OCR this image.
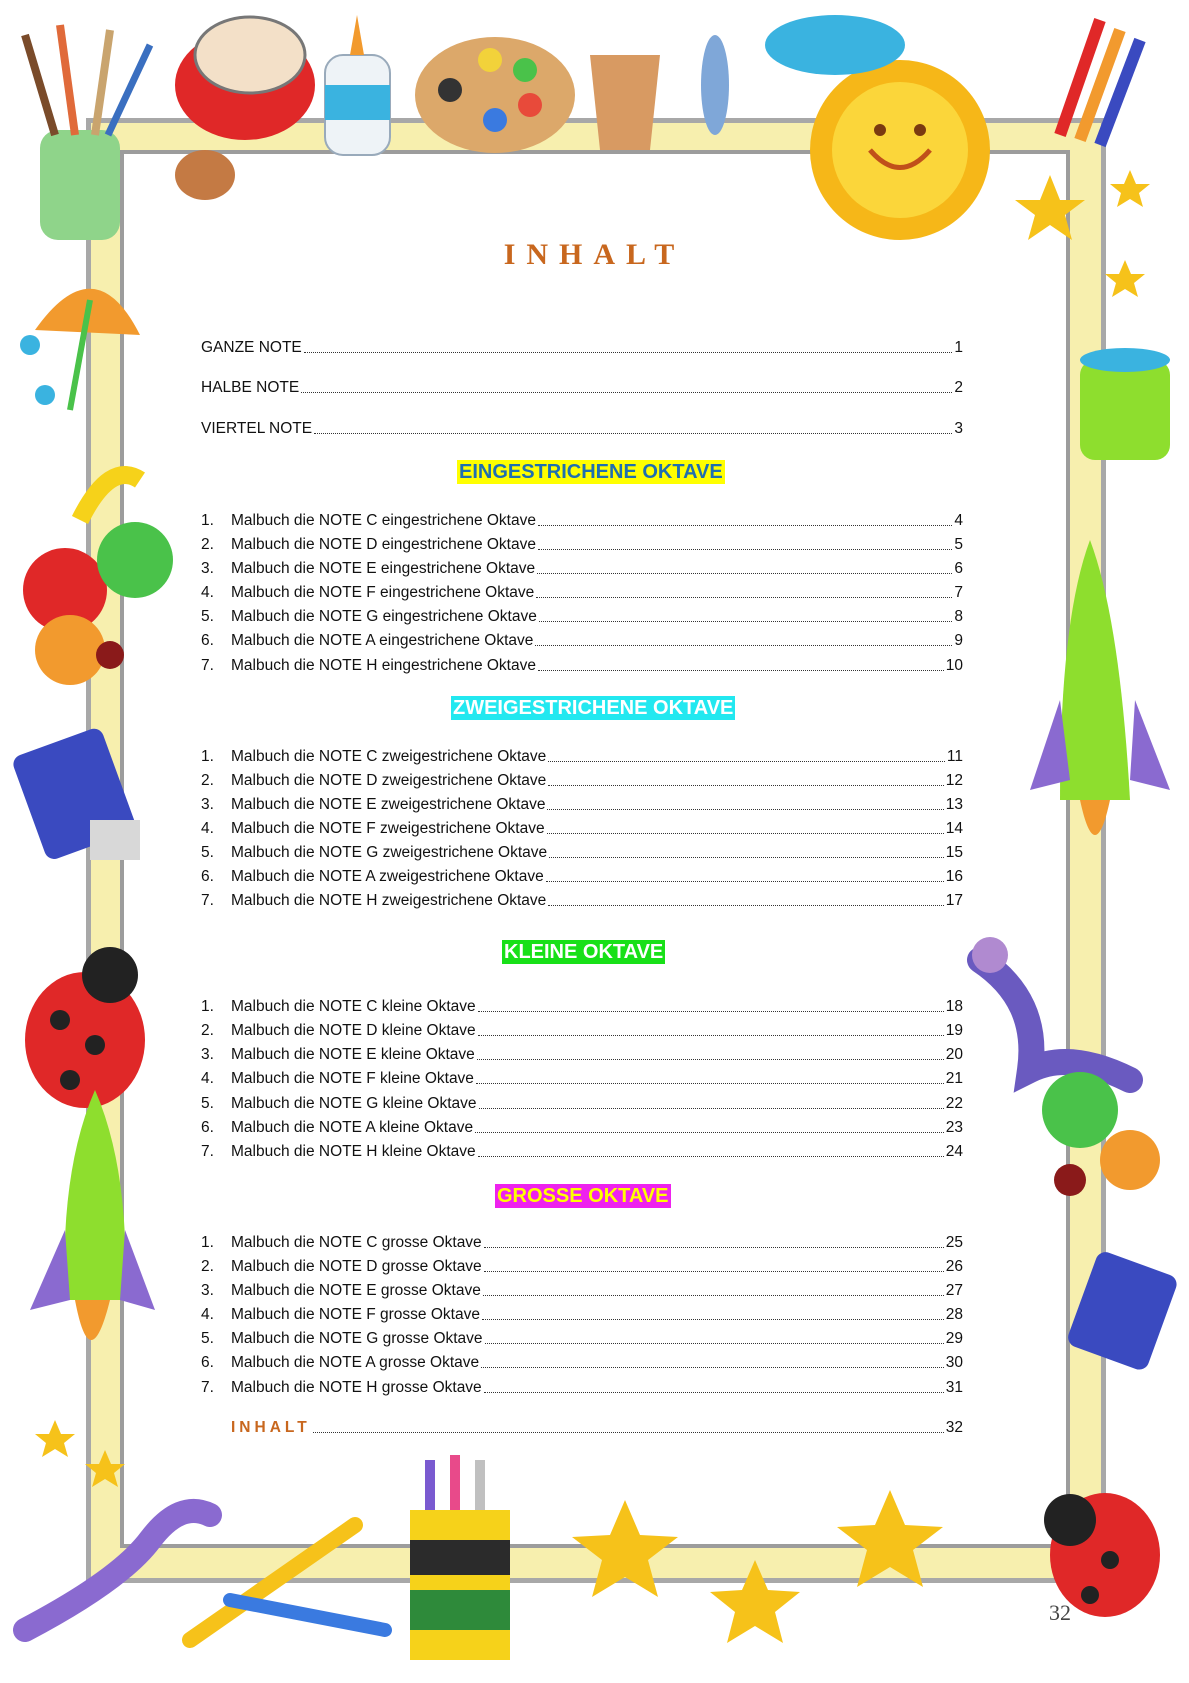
INHALT
GANZE NOTE	1
HALBE NOTE	2
VIERTEL NOTE	3
EINGESTRICHENE OKTAVE
1.	Malbuch die NOTE C eingestrichene Oktave	4
2.	Malbuch die NOTE D eingestrichene Oktave	5
3.	Malbuch die NOTE E eingestrichene Oktave	6
4.	Malbuch die NOTE F eingestrichene Oktave	7
5.	Malbuch die NOTE G eingestrichene Oktave	8
6.	Malbuch die NOTE A eingestrichene Oktave	9
7.	Malbuch die NOTE H eingestrichene Oktave	10
ZWEIGESTRICHENE OKTAVE
1.	Malbuch die NOTE C zweigestrichene Oktave	11
2.	Malbuch die NOTE D zweigestrichene Oktave	12
3.	Malbuch die NOTE E zweigestrichene Oktave	13
4.	Malbuch die NOTE F zweigestrichene Oktave	14
5.	Malbuch die NOTE G zweigestrichene Oktave	15
6.	Malbuch die NOTE A zweigestrichene Oktave	16
7.	Malbuch die NOTE H zweigestrichene Oktave	17
KLEINE OKTAVE
1.	Malbuch die NOTE C kleine Oktave	18
2.	Malbuch die NOTE D kleine Oktave	19
3.	Malbuch die NOTE E kleine Oktave	20
4.	Malbuch die NOTE F kleine Oktave	21
5.	Malbuch die NOTE G kleine Oktave	22
6.	Malbuch die NOTE A kleine Oktave	23
7.	Malbuch die NOTE H kleine Oktave	24
GROSSE OKTAVE
1.	Malbuch die NOTE C grosse Oktave	25
2.	Malbuch die NOTE D grosse Oktave	26
3.	Malbuch die NOTE E grosse Oktave	27
4.	Malbuch die NOTE F grosse Oktave	28
5.	Malbuch die NOTE G grosse Oktave	29
6.	Malbuch die NOTE A grosse Oktave	30
7.	Malbuch die NOTE H grosse Oktave	31
INHALT	32
32
